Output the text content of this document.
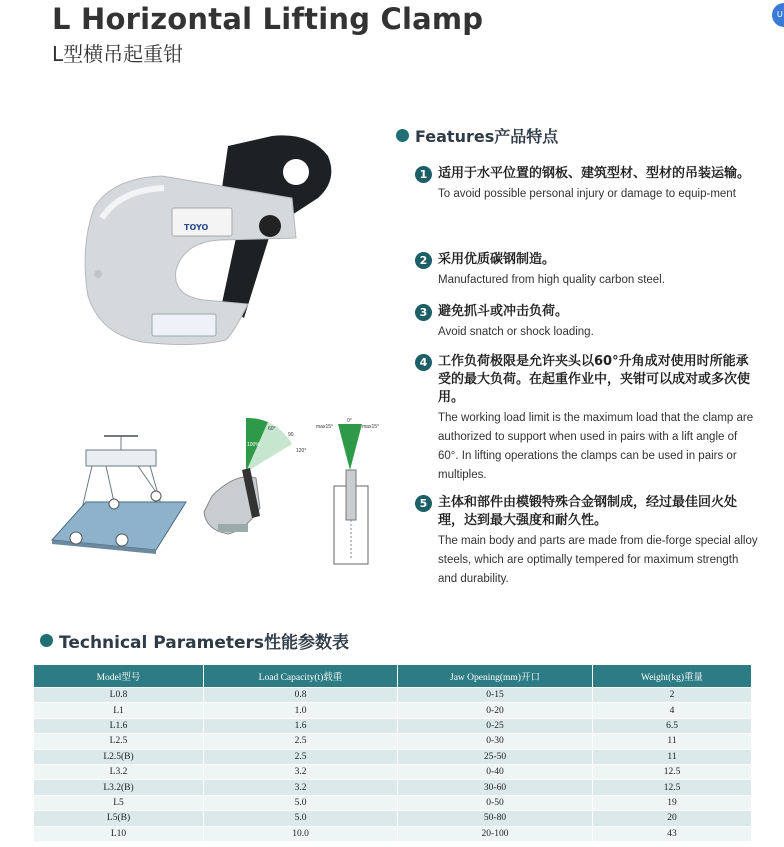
L Horizontal Lifting Clamp
L型横吊起重钳
U
TOYO
60°
90
120°
100%
max15°	max15°
0°
Features产品特点
1 适用于水平位置的钢板、建筑型材、型材的吊装运输。
To avoid possible personal injury or damage to equip-ment
2 采用优质碳钢制造。
Manufactured from high quality carbon steel.
3 避免抓斗或冲击负荷。
Avoid snatch or shock loading.
4 工作负荷极限是允许夹头以60°升角成对使用时所能承受的最大负荷。在起重作业中，夹钳可以成对或多次使用。
The working load limit is the maximum load that the clamp are authorized to support when used in pairs with a lift angle of 60°. In lifting operations the clamps can be used in pairs or multiples.
5 主体和部件由模锻特殊合金钢制成，经过最佳回火处理，达到最大强度和耐久性。
The main body and parts are made from die-forge special alloy steels, which are optimally tempered for maximum strength and durability.
Technical Parameters性能参数表
Model型号	Load Capacity(t)载重	Jaw Opening(mm)开口	Weight(kg)重量
L0.8	0.8	0-15	2
L1	1.0	0-20	4
L1.6	1.6	0-25	6.5
L2.5	2.5	0-30	11
L2.5(B)	2.5	25-50	11
L3.2	3.2	0-40	12.5
L3.2(B)	3.2	30-60	12.5
L5	5.0	0-50	19
L5(B)	5.0	50-80	20
L10	10.0	20-100	43
